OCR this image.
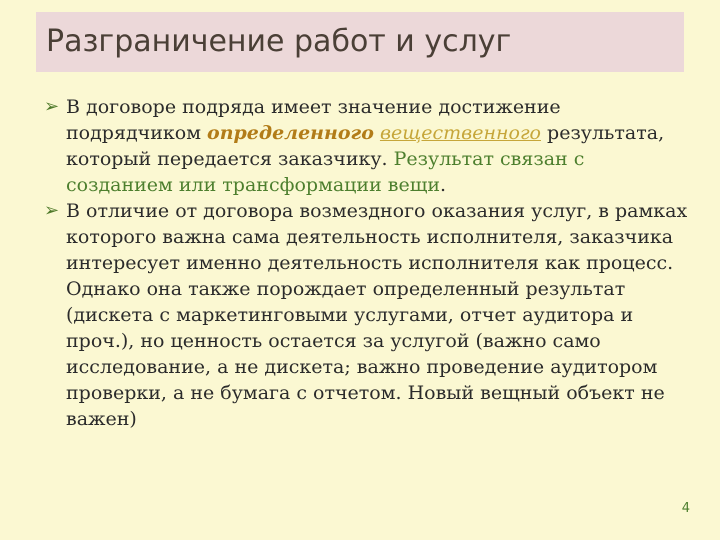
Разграничение работ и услуг
➢ В договоре подряда имеет значение достижение подрядчиком определенного вещественного результата, который передается заказчику. Результат связан с созданием или трансформации вещи.
➢ В отличие от договора возмездного оказания услуг, в рамках которого важна сама деятельность исполнителя, заказчика интересует именно деятельность исполнителя как процесс. Однако она также порождает определенный результат (дискета с маркетинговыми услугами, отчет аудитора и проч.), но ценность остается за услугой (важно само исследование, а не дискета; важно проведение аудитором проверки, а не бумага с отчетом. Новый вещный объект не важен)
4
